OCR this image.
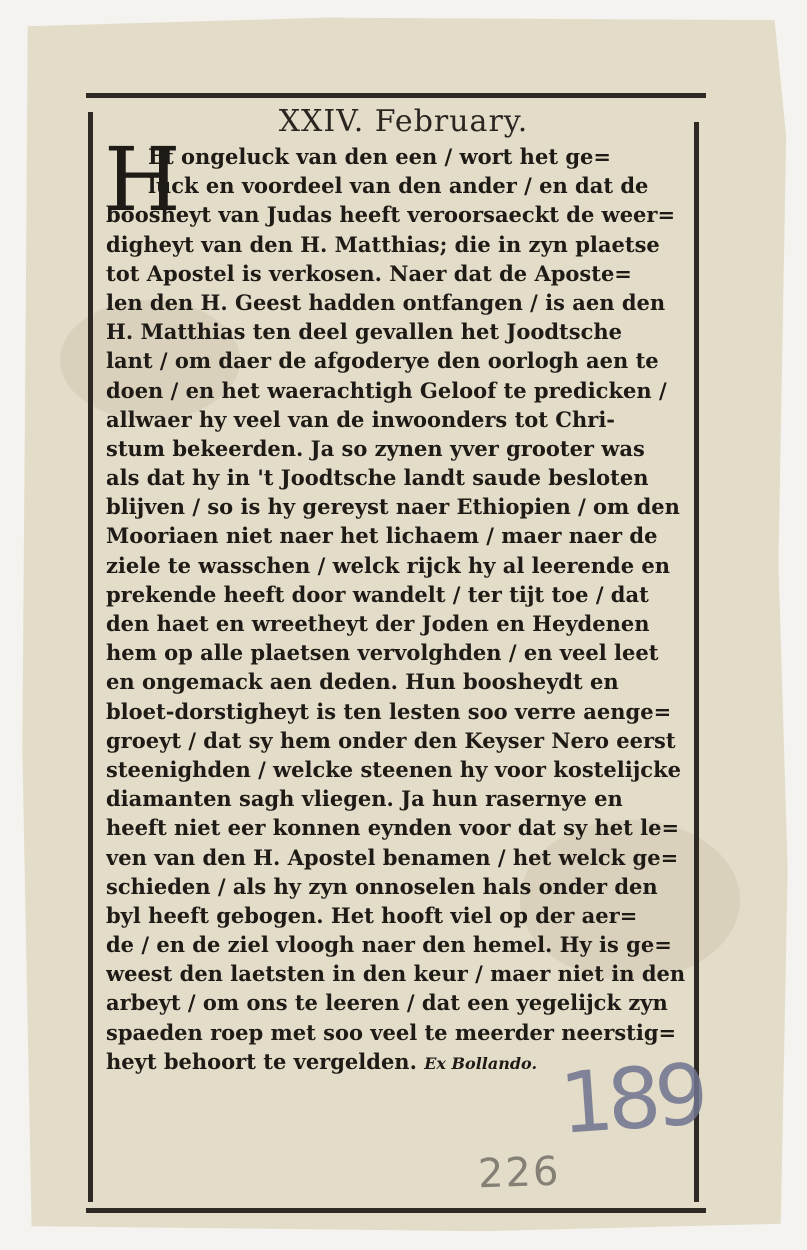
XXIV. February.
H
Et ongeluck van den een / wort het ge=
luck en voordeel van den ander / en dat de
boosheyt van Judas heeft veroorsaeckt de weer=
digheyt van den H. Matthias; die in zyn plaetse
tot Apostel is verkosen. Naer dat de Aposte=
len den H. Geest hadden ontfangen / is aen den
H. Matthias ten deel gevallen het Joodtsche
lant / om daer de afgoderye den oorlogh aen te
doen / en het waerachtigh Geloof te predicken /
allwaer hy veel van de inwoonders tot Chri-
stum bekeerden. Ja so zynen yver grooter was
als dat hy in 't Joodtsche landt saude besloten
blijven / so is hy gereyst naer Ethiopien / om den
Mooriaen niet naer het lichaem / maer naer de
ziele te wasschen / welck rijck hy al leerende en
prekende heeft door wandelt / ter tijt toe / dat
den haet en wreetheyt der Joden en Heydenen
hem op alle plaetsen vervolghden / en veel leet
en ongemack aen deden. Hun boosheydt en
bloet-dorstigheyt is ten lesten soo verre aenge=
groeyt / dat sy hem onder den Keyser Nero eerst
steenighden / welcke steenen hy voor kostelijcke
diamanten sagh vliegen. Ja hun rasernye en
heeft niet eer konnen eynden voor dat sy het le=
ven van den H. Apostel benamen / het welck ge=
schieden / als hy zyn onnoselen hals onder den
byl heeft gebogen. Het hooft viel op der aer=
de / en de ziel vloogh naer den hemel. Hy is ge=
weest den laetsten in den keur / maer niet in den
arbeyt / om ons te leeren / dat een yegelijck zyn
spaeden roep met soo veel te meerder neerstig=
heyt behoort te vergelden. Ex Bollando. 189
226
